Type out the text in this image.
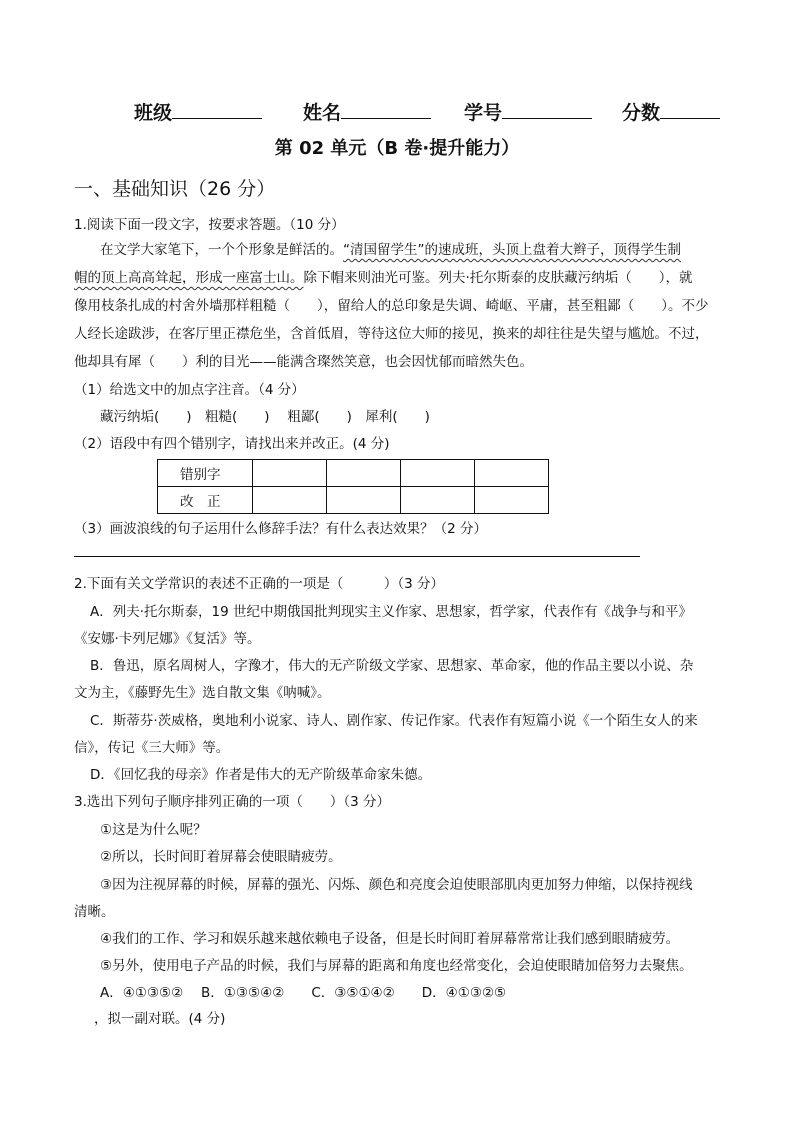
班级	姓名	学号	分数
第 02 单元（B 卷·提升能力）
一、基础知识（26 分）
1.阅读下面一段文字，按要求答题。（10 分）
在文学大家笔下，一个个形象是鲜活的。“清国留学生”的速成班，头顶上盘着大辫子，顶得学生制
帽的顶上高高耸起，形成一座富士山。除下帽来则油光可鉴。列夫·托尔斯泰的皮肤藏污纳垢（　　），就
像用枝条扎成的村舍外墙那样粗糙（　　），留给人的总印象是失调、崎岖、平庸，甚至粗鄙（　　）。不少
人经长途跋涉，在客厅里正襟危坐，含首低眉，等待这位大师的接见，换来的却往往是失望与尴尬。不过，
他却具有犀（　　）利的目光——能满含璨然笑意，也会因忧郁而暗然失色。
（1）给选文中的加点字注音。（4 分）
藏污纳垢(　　)　粗糙(　　)　 粗鄙(　　)　犀利(　　)
（2）语段中有四个错别字，请找出来并改正。(4 分)
错别字				
改　正				
（3）画波浪线的句子运用什么修辞手法？有什么表达效果？（2 分）
2.下面有关文学常识的表述不正确的一项是（　　　）（3 分）
A．列夫·托尔斯泰，19 世纪中期俄国批判现实主义作家、思想家，哲学家，代表作有《战争与和平》
《安娜·卡列尼娜》《复活》等。
B．鲁迅，原名周树人，字豫才，伟大的无产阶级文学家、思想家、革命家，他的作品主要以小说、杂
文为主，《藤野先生》选自散文集《呐喊》。
C．斯蒂芬·茨威格，奥地利小说家、诗人、剧作家、传记作家。代表作有短篇小说《一个陌生女人的来
信》，传记《三大师》等。
D．《回忆我的母亲》作者是伟大的无产阶级革命家朱德。
3.选出下列句子顺序排列正确的一项（　　）（3 分）
①这是为什么呢？
②所以，长时间盯着屏幕会使眼睛疲劳。
③因为注视屏幕的时候，屏幕的强光、闪烁、颜色和亮度会迫使眼部肌肉更加努力伸缩，以保持视线
清晰。
④我们的工作、学习和娱乐越来越依赖电子设备，但是长时间盯着屏幕常常让我们感到眼睛疲劳。
⑤另外，使用电子产品的时候，我们与屏幕的距离和角度也经常变化，会迫使眼睛加倍努力去聚焦。
A．④①③⑤②　 B．①③⑤④②　　C．③⑤①④②　　D．④①③②⑤
，拟一副对联。(4 分)
